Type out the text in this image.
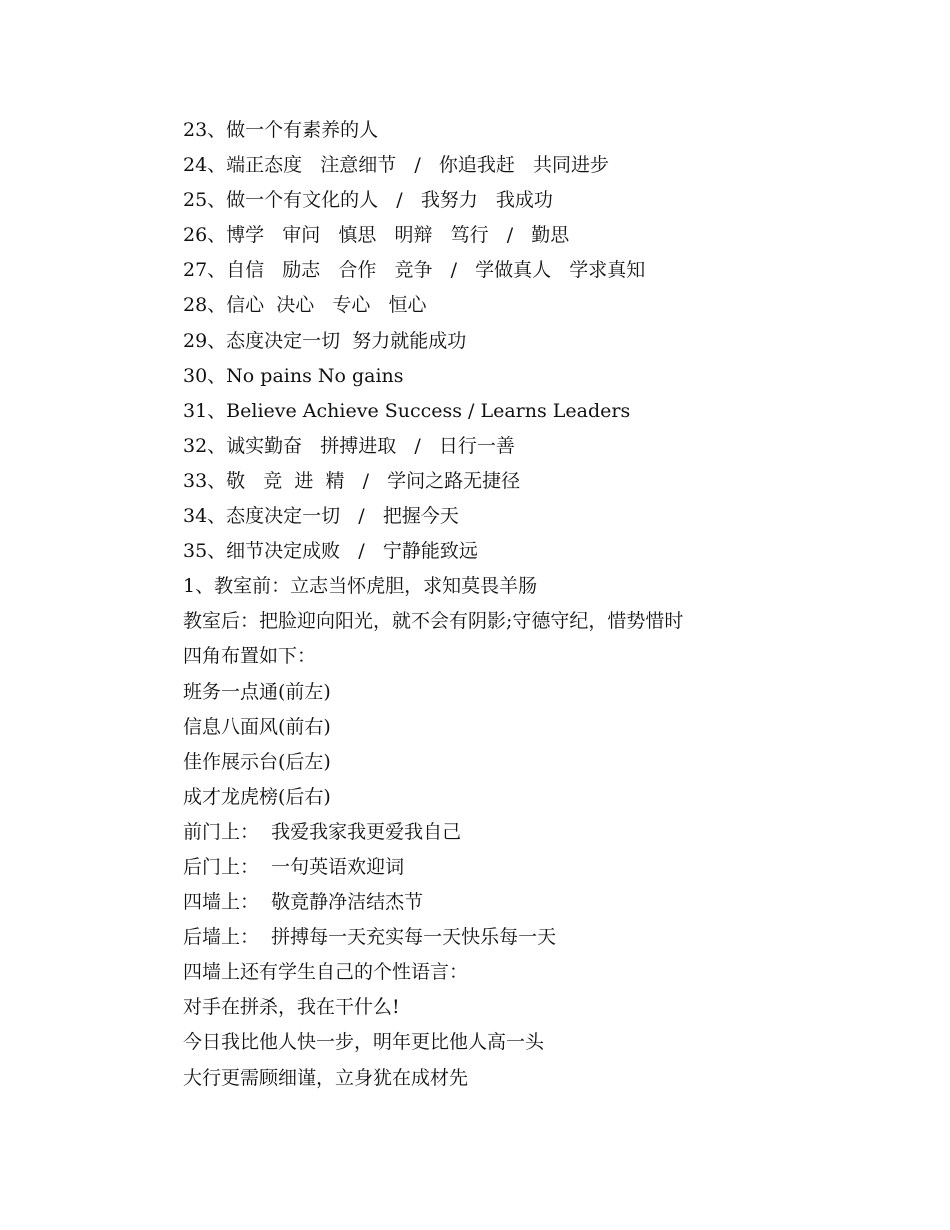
23、做一个有素养的人

24、端正态度   注意细节   /   你追我赶   共同进步

25、做一个有文化的人   /   我努力   我成功

26、博学   审问   慎思   明辩   笃行   /   勤思

27、自信   励志   合作   竞争   /   学做真人   学求真知

28、信心  决心   专心   恒心

29、态度决定一切  努力就能成功

30、No pains No gains

31、Believe Achieve Success / Learns Leaders

32、诚实勤奋   拼搏进取   /   日行一善

33、敬   竞  进  精   /   学问之路无捷径

34、态度决定一切   /   把握今天

35、细节决定成败   /   宁静能致远

1、教室前：立志当怀虎胆，求知莫畏羊肠

教室后：把脸迎向阳光，就不会有阴影;守德守纪，惜势惜时

四角布置如下：

班务一点通(前左)

信息八面风(前右)

佳作展示台(后左)

成才龙虎榜(后右)

前门上：  我爱我家我更爱我自己

后门上：  一句英语欢迎词

四墙上：  敬竟静净洁结杰节

后墙上：  拼搏每一天充实每一天快乐每一天

四墙上还有学生自己的个性语言：

对手在拼杀，我在干什么!

今日我比他人快一步，明年更比他人高一头

大行更需顾细谨，立身犹在成材先
